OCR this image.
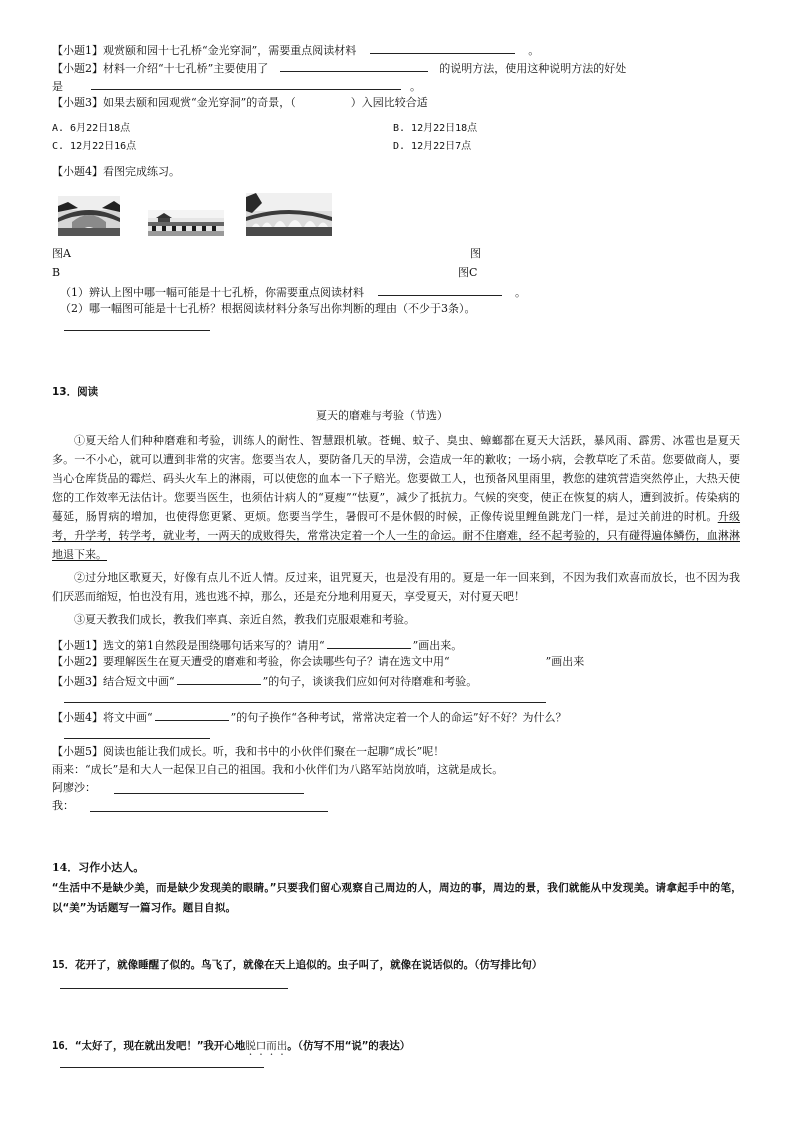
【小题1】观赏颐和园十七孔桥“金光穿洞”，需要重点阅读材料	。
【小题2】材料一介绍“十七孔桥”主要使用了	的说明方法，使用这种说明方法的好处
是	。
【小题3】如果去颐和园观赏“金光穿洞”的奇景，（　　　　　）入园比较合适
A. 6月22日18点	B. 12月22日18点
C. 12月22日16点	D. 12月22日7点
【小题4】看图完成练习。
图A	图
B	图C
（1）辨认上图中哪一幅可能是十七孔桥，你需要重点阅读材料	。
（2）哪一幅图可能是十七孔桥？根据阅读材料分条写出你判断的理由（不少于3条）。
13．阅读
夏天的磨难与考验（节选）
①夏天给人们种种磨难和考验，训练人的耐性、智慧跟机敏。苍蝇、蚊子、臭虫、蟑螂都在夏天大活跃，暴风雨、霹雳、冰雹也是夏天多。一不小心，就可以遭到非常的灾害。您要当农人，要防备几天的旱涝，会造成一年的歉收；一场小病，会教草吃了禾苗。您要做商人，要当心仓库货品的霉烂、码头火车上的淋雨，可以使您的血本一下子赔光。您要做工人，也预备风里雨里，教您的建筑营造突然停止，大热天使您的工作效率无法估计。您要当医生，也须估计病人的“夏瘦”“怯夏”，减少了抵抗力。气候的突变，使正在恢复的病人，遭到波折。传染病的蔓延，肠胃病的增加，也使得您更紧、更烦。您要当学生，暑假可不是休假的时候，正像传说里鲤鱼跳龙门一样，是过关前进的时机。升级考，升学考，转学考，就业考，一两天的成败得失，常常决定着一个人一生的命运。耐不住磨难，经不起考验的，只有碰得遍体鳞伤，血淋淋地退下来。
②过分地区歌夏天，好像有点儿不近人情。反过来，诅咒夏天，也是没有用的。夏是一年一回来到，不因为我们欢喜而放长，也不因为我们厌恶而缩短，怕也没有用，逃也逃不掉，那么，还是充分地利用夏天，享受夏天，对付夏天吧！
③夏天教我们成长，教我们率真、亲近自然，教我们克服艰难和考验。
【小题1】选文的第1自然段是围绕哪句话来写的？请用“	”画出来。
【小题2】要理解医生在夏天遭受的磨难和考验，你会读哪些句子？请在选文中用“	”画出来
【小题3】结合短文中画“	”的句子，谈谈我们应如何对待磨难和考验。
【小题4】将文中画“	”的句子换作“各种考试，常常决定着一个人的命运”好不好？为什么？
【小题5】阅读也能让我们成长。听，我和书中的小伙伴们聚在一起聊“成长”呢！
雨来：“成长”是和大人一起保卫自己的祖国。我和小伙伴们为八路军站岗放哨，这就是成长。
阿廖沙：
我：
14．习作小达人。
“生活中不是缺少美，而是缺少发现美的眼睛。”只要我们留心观察自己周边的人，周边的事，周边的景，我们就能从中发现美。请拿起手中的笔，以“美”为话题写一篇习作。题目自拟。
15．花开了，就像睡醒了似的。鸟飞了，就像在天上追似的。虫子叫了，就像在说话似的。（仿写排比句）
16．“太好了，现在就出发吧！”我开心地脱口而出。（仿写不用“说”的表达）
